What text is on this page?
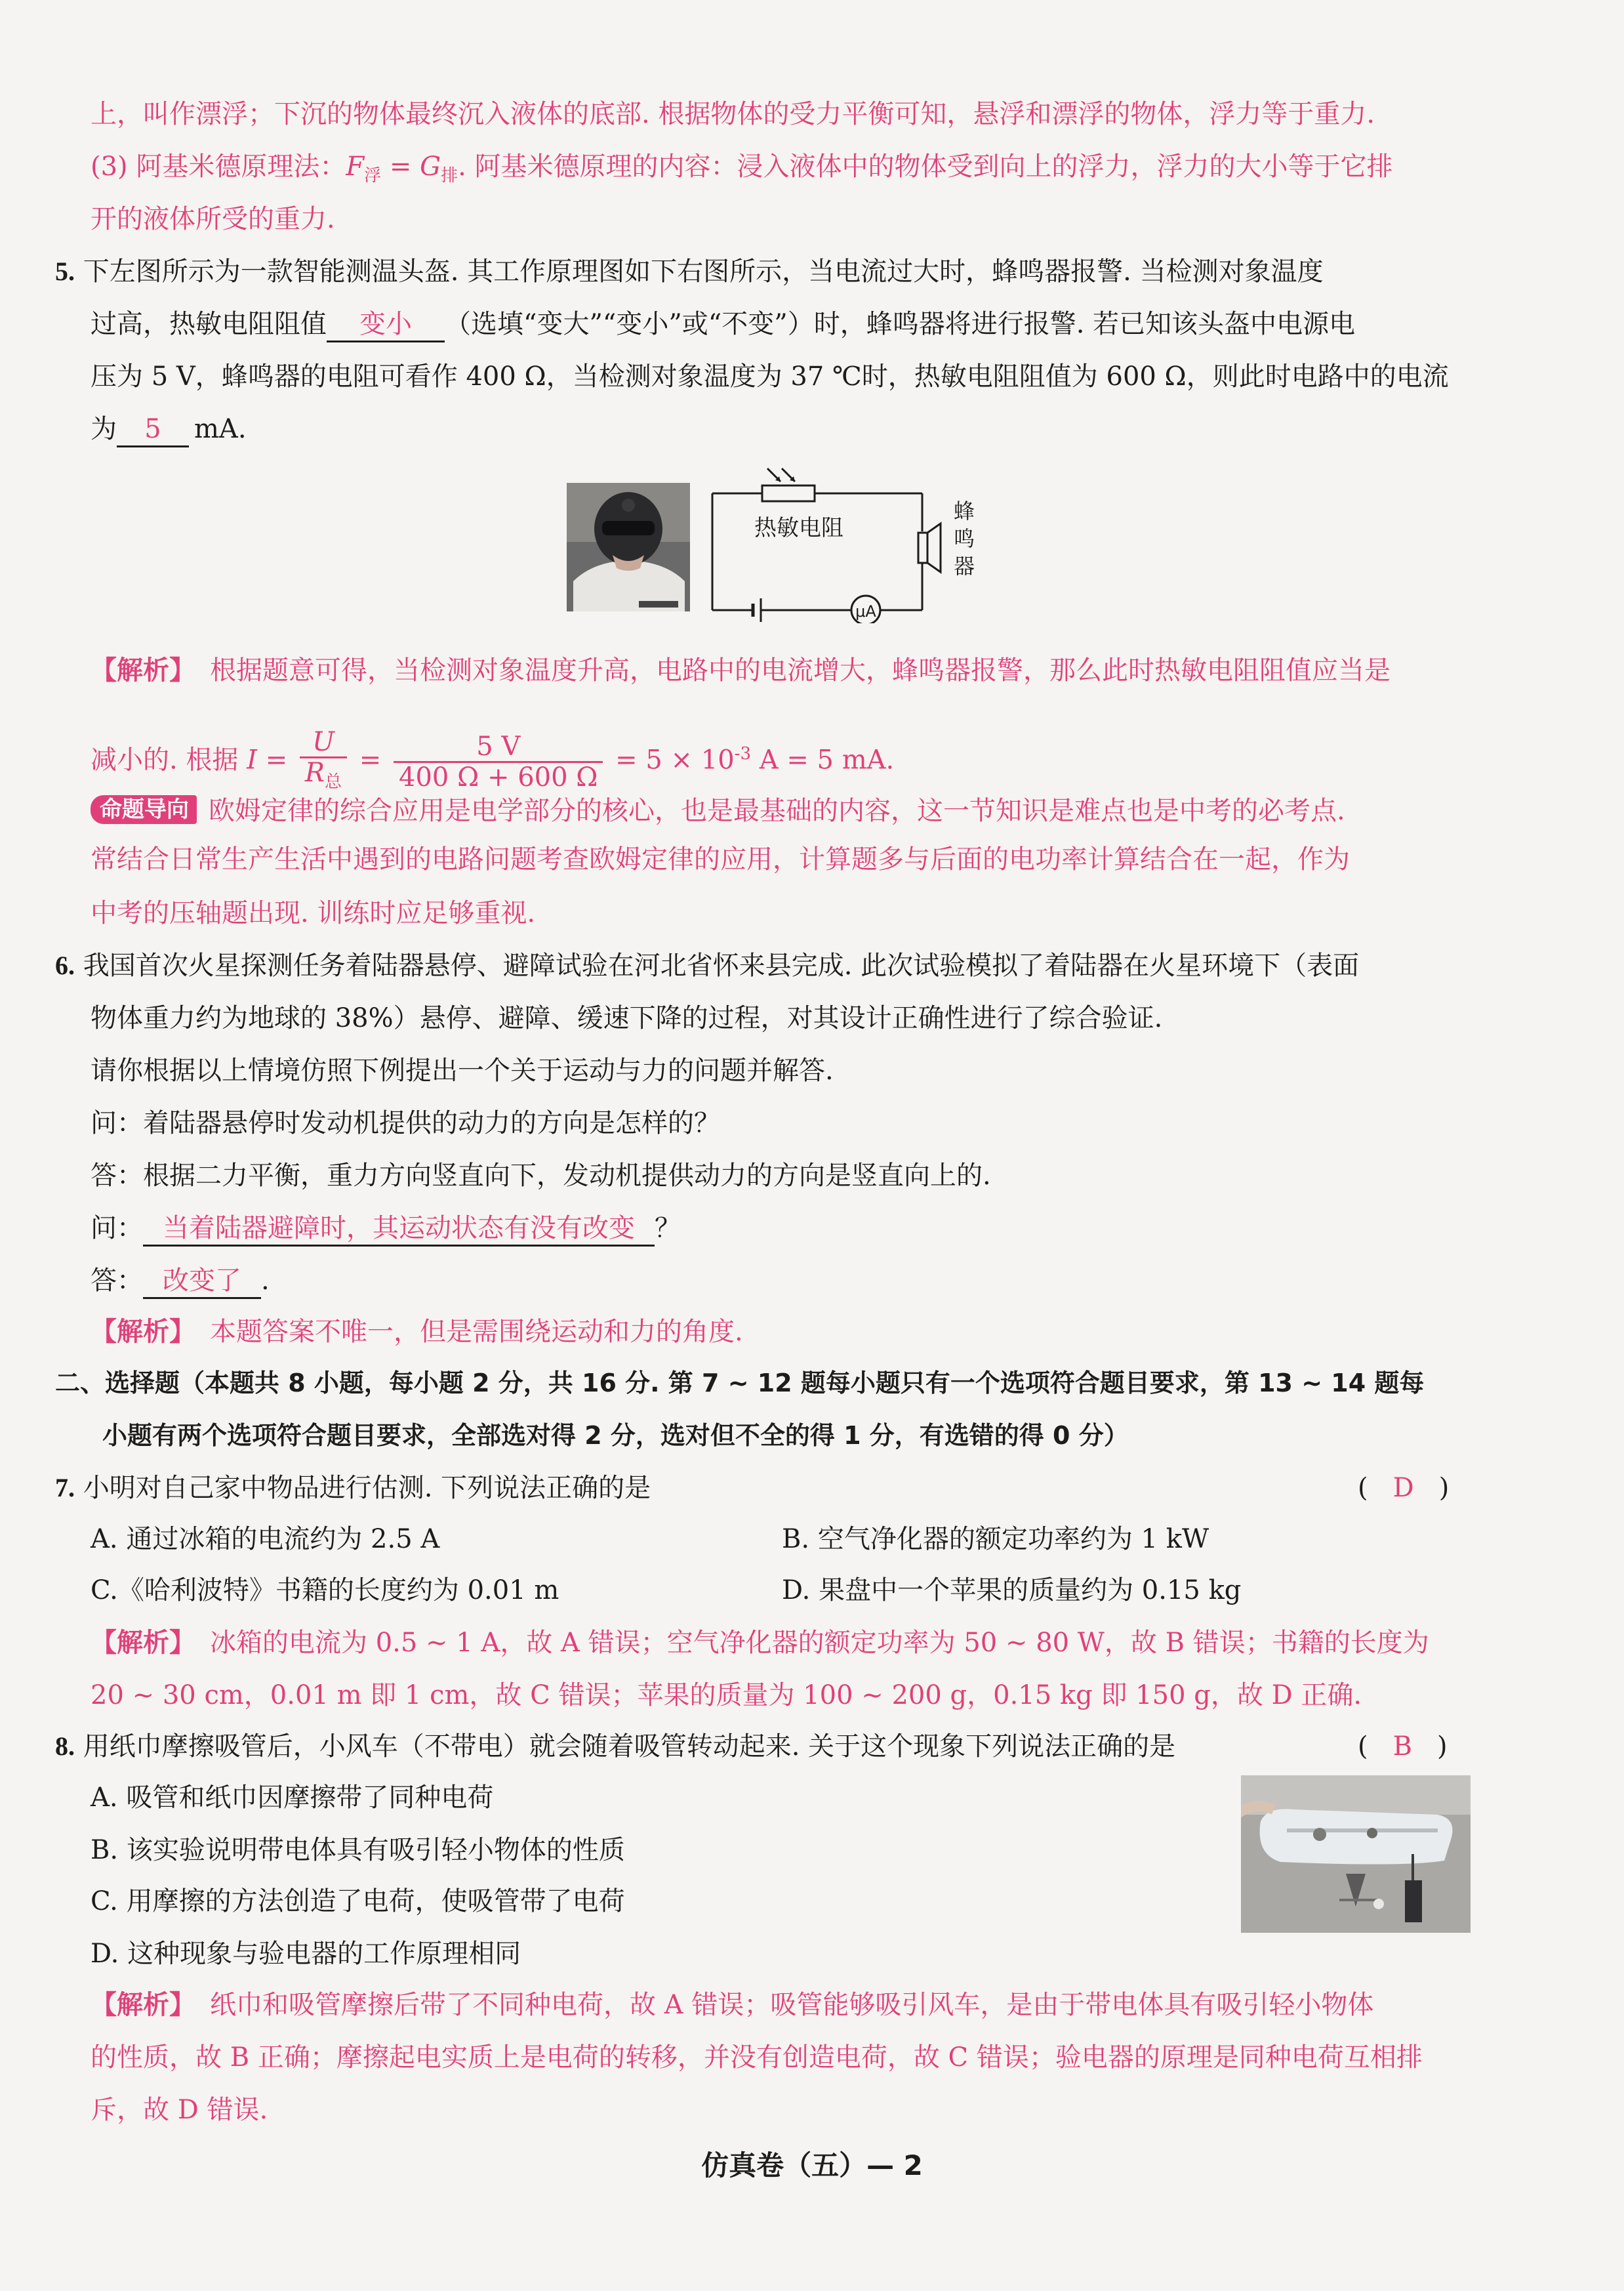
上，叫作漂浮；下沉的物体最终沉入液体的底部. 根据物体的受力平衡可知，悬浮和漂浮的物体，浮力等于重力.
(3) 阿基米德原理法：$F_浮 = G_排$. 阿基米德原理的内容：浸入液体中的物体受到向上的浮力，浮力的大小等于它排
开的液体所受的重力.
5. 下左图所示为一款智能测温头盔. 其工作原理图如下右图所示，当电流过大时，蜂鸣器报警. 当检测对象温度
过高，热敏电阻阻值 变小 （选填“变大”“变小”或“不变”）时，蜂鸣器将进行报警. 若已知该头盔中电源电
压为 5 V，蜂鸣器的电阻可看作 400 Ω，当检测对象温度为 37 ℃时，热敏电阻阻值为 600 Ω，则此时电路中的电流
为 5 mA.
热敏电阻
蜂
鸣
器
μA
【解析】 根据题意可得，当检测对象温度升高，电路中的电流增大，蜂鸣器报警，那么此时热敏电阻阻值应当是
减小的. 根据 $I = \frac{U}{R_总} = \frac{5 V}{400 \Omega + 600 \Omega} = 5 \times 10^{-3}$ A = 5 mA.
命题导向 欧姆定律的综合应用是电学部分的核心，也是最基础的内容，这一节知识是难点也是中考的必考点.
常结合日常生产生活中遇到的电路问题考查欧姆定律的应用，计算题多与后面的电功率计算结合在一起，作为
中考的压轴题出现. 训练时应足够重视.
6. 我国首次火星探测任务着陆器悬停、避障试验在河北省怀来县完成. 此次试验模拟了着陆器在火星环境下（表面
物体重力约为地球的 38%）悬停、避障、缓速下降的过程，对其设计正确性进行了综合验证.
请你根据以上情境仿照下例提出一个关于运动与力的问题并解答.
问：着陆器悬停时发动机提供的动力的方向是怎样的？
答：根据二力平衡，重力方向竖直向下，发动机提供动力的方向是竖直向上的.
问： 当着陆器避障时，其运动状态有没有改变 ？
答： 改变了 .
【解析】 本题答案不唯一，但是需围绕运动和力的角度.
二、选择题（本题共 8 小题，每小题 2 分，共 16 分. 第 7 ~ 12 题每小题只有一个选项符合题目要求，第 13 ~ 14 题每
小题有两个选项符合题目要求，全部选对得 2 分，选对但不全的得 1 分，有选错的得 0 分）
7. 小明对自己家中物品进行估测. 下列说法正确的是	( D )
A. 通过冰箱的电流约为 2.5 A	B. 空气净化器的额定功率约为 1 kW
C.《哈利波特》书籍的长度约为 0.01 m	D. 果盘中一个苹果的质量约为 0.15 kg
【解析】 冰箱的电流为 0.5 ~ 1 A，故 A 错误；空气净化器的额定功率为 50 ~ 80 W，故 B 错误；书籍的长度为
20 ~ 30 cm，0.01 m 即 1 cm，故 C 错误；苹果的质量为 100 ~ 200 g，0.15 kg 即 150 g，故 D 正确.
8. 用纸巾摩擦吸管后，小风车（不带电）就会随着吸管转动起来. 关于这个现象下列说法正确的是	( B )
A. 吸管和纸巾因摩擦带了同种电荷
B. 该实验说明带电体具有吸引轻小物体的性质
C. 用摩擦的方法创造了电荷，使吸管带了电荷
D. 这种现象与验电器的工作原理相同
【解析】 纸巾和吸管摩擦后带了不同种电荷，故 A 错误；吸管能够吸引风车，是由于带电体具有吸引轻小物体
的性质，故 B 正确；摩擦起电实质上是电荷的转移，并没有创造电荷，故 C 错误；验电器的原理是同种电荷互相排
斥，故 D 错误.
仿真卷（五）— 2
